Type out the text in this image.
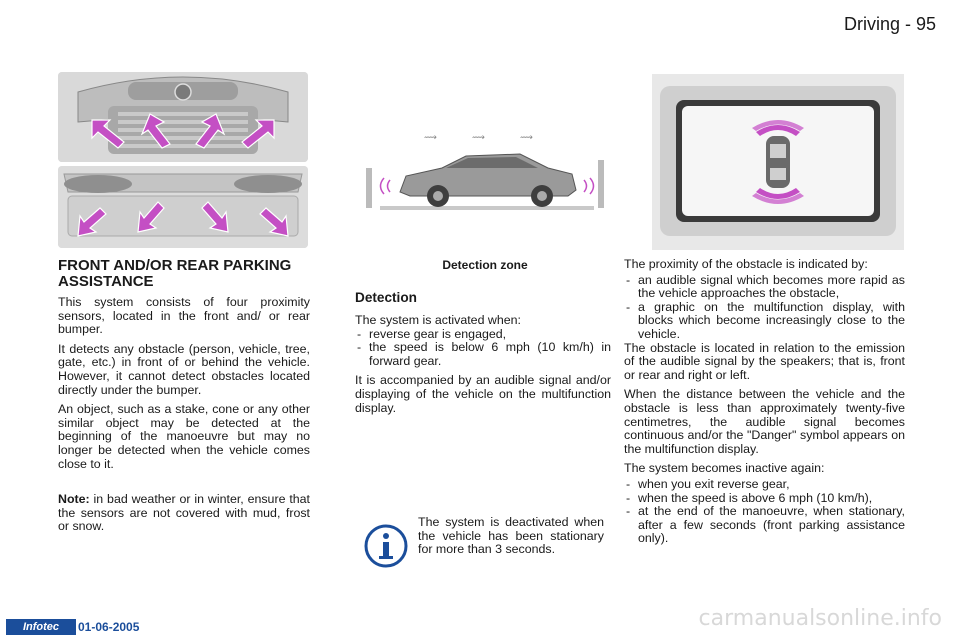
Driving - 95
⟿	⟿	⟿
FRONT AND/OR REAR PARKING ASSISTANCE

This system consists of four proximity sensors, located in the front and/ or rear bumper.

It detects any obstacle (person, vehicle, tree, gate, etc.) in front of or behind the vehicle. However, it cannot detect obstacles located directly under the bumper.

An object, such as a stake, cone or any other similar object may be detected at the beginning of the manoeuvre but may no longer be detected when the vehicle comes close to it.

Note: in bad weather or in winter, ensure that the sensors are not covered with mud, frost or snow.

Detection zone
Detection

The system is activated when:

- reverse gear is engaged,
- the speed is below 6 mph (10 km/h) in forward gear.

It is accompanied by an audible signal and/or displaying of the vehicle on the multifunction display.

The system is deactivated when the vehicle has been stationary for more than 3 seconds.

The proximity of the obstacle is indicated by:

- an audible signal which becomes more rapid as the vehicle approaches the obstacle,
- a graphic on the multifunction display, with blocks which become increasingly close to the vehicle.

The obstacle is located in relation to the emission of the audible signal by the speakers; that is, front or rear and right or left.

When the distance between the vehicle and the obstacle is less than approximately twenty-five centimetres, the audible signal becomes continuous and/or the "Danger" symbol appears on the multifunction display.

The system becomes inactive again:

- when you exit reverse gear,
- when the speed is above 6 mph (10 km/h),
- at the end of the manoeuvre, when stationary, after a few seconds (front parking assistance only).
Infotec	01-06-2005	carmanualsonline.info
